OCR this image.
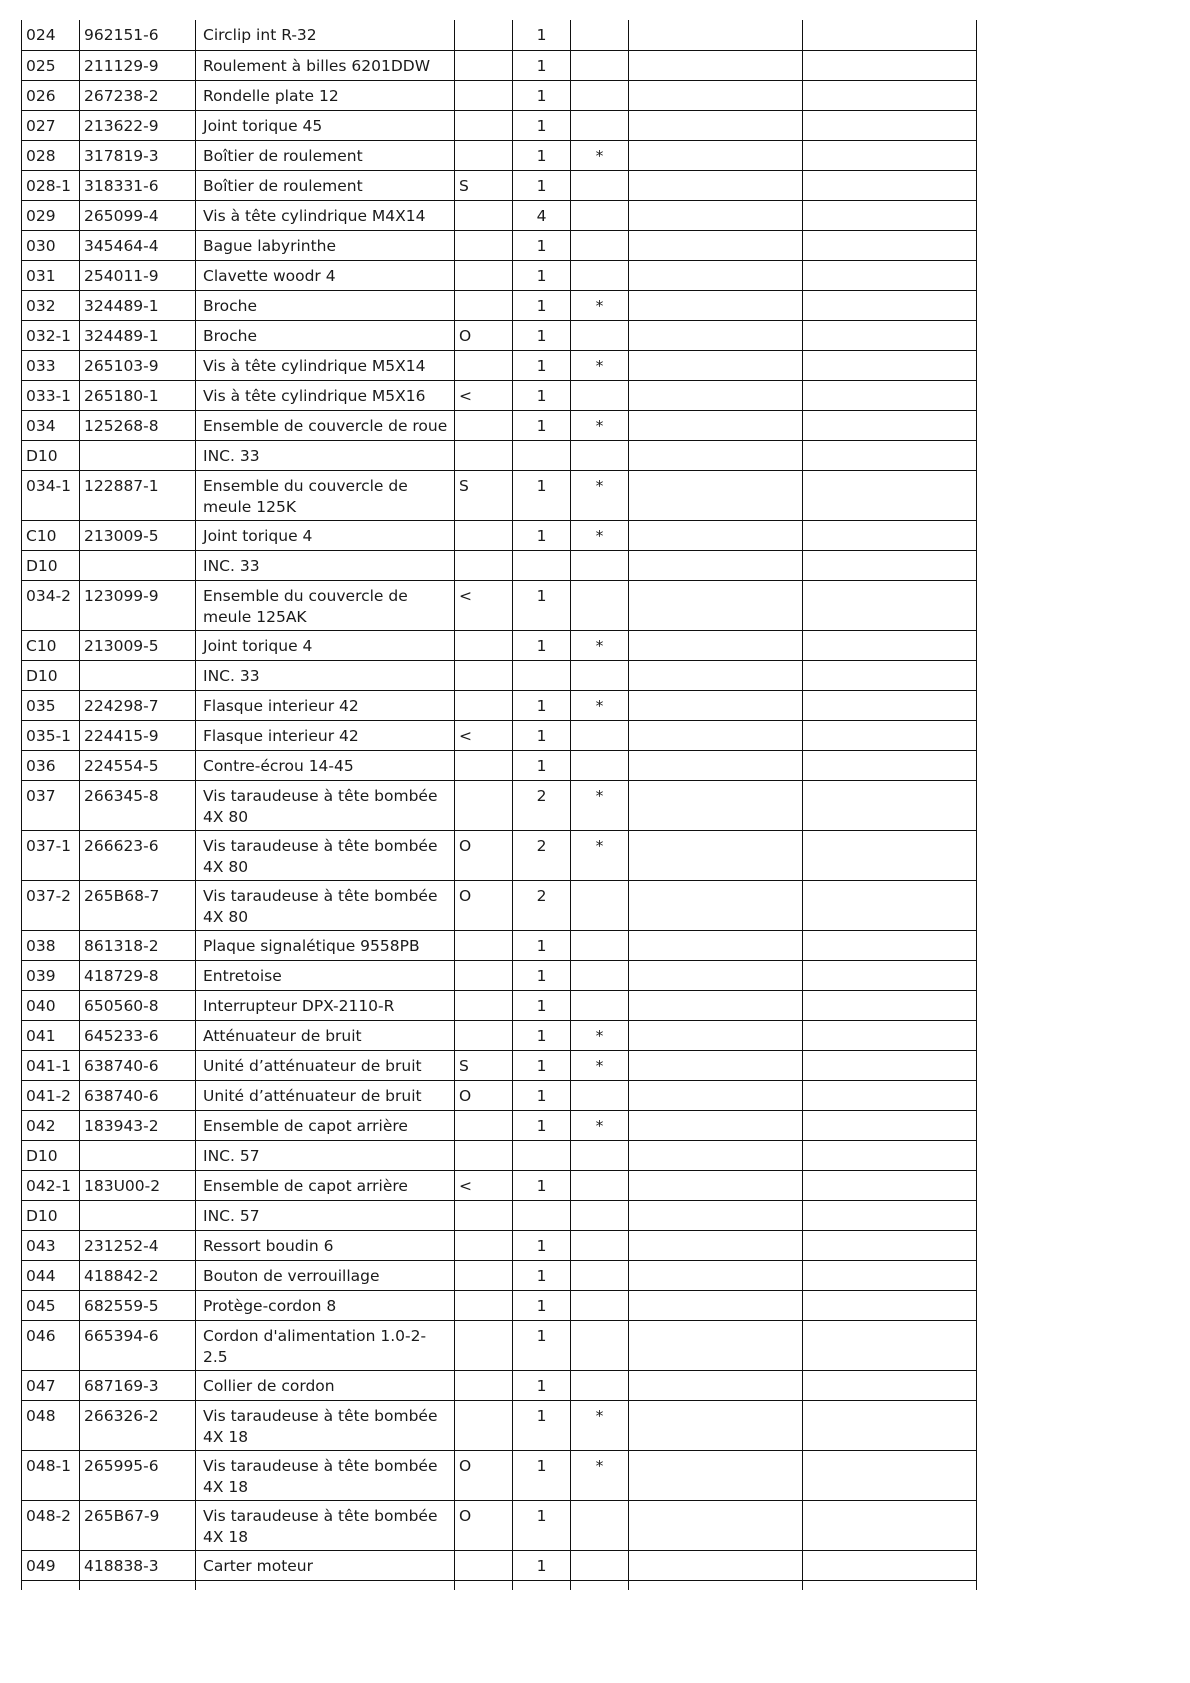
024	962151-6	Circlip int R-32		1			
025	211129-9	Roulement à billes 6201DDW		1			
026	267238-2	Rondelle plate 12		1			
027	213622-9	Joint torique 45		1			
028	317819-3	Boîtier de roulement		1	*		
028-1	318331-6	Boîtier de roulement	S	1			
029	265099-4	Vis à tête cylindrique M4X14		4			
030	345464-4	Bague labyrinthe		1			
031	254011-9	Clavette woodr 4		1			
032	324489-1	Broche		1	*		
032-1	324489-1	Broche	O	1			
033	265103-9	Vis à tête cylindrique M5X14		1	*		
033-1	265180-1	Vis à tête cylindrique M5X16	<	1			
034	125268-8	Ensemble de couvercle de roue		1	*		
D10		INC. 33					
034-1	122887-1	Ensemble du couvercle de meule 125K	S	1	*		
C10	213009-5	Joint torique 4		1	*		
D10		INC. 33					
034-2	123099-9	Ensemble du couvercle de meule 125AK	<	1			
C10	213009-5	Joint torique 4		1	*		
D10		INC. 33					
035	224298-7	Flasque interieur 42		1	*		
035-1	224415-9	Flasque interieur 42	<	1			
036	224554-5	Contre-écrou 14-45		1			
037	266345-8	Vis taraudeuse à tête bombée 4X 80		2	*		
037-1	266623-6	Vis taraudeuse à tête bombée 4X 80	O	2	*		
037-2	265B68-7	Vis taraudeuse à tête bombée 4X 80	O	2			
038	861318-2	Plaque signalétique 9558PB		1			
039	418729-8	Entretoise		1			
040	650560-8	Interrupteur DPX-2110-R		1			
041	645233-6	Atténuateur de bruit		1	*		
041-1	638740-6	Unité d’atténuateur de bruit	S	1	*		
041-2	638740-6	Unité d’atténuateur de bruit	O	1			
042	183943-2	Ensemble de capot arrière		1	*		
D10		INC. 57					
042-1	183U00-2	Ensemble de capot arrière	<	1			
D10		INC. 57					
043	231252-4	Ressort boudin 6		1			
044	418842-2	Bouton de verrouillage		1			
045	682559-5	Protège-cordon 8		1			
046	665394-6	Cordon d'alimentation 1.0-2-2.5		1			
047	687169-3	Collier de cordon		1			
048	266326-2	Vis taraudeuse à tête bombée 4X 18		1	*		
048-1	265995-6	Vis taraudeuse à tête bombée 4X 18	O	1	*		
048-2	265B67-9	Vis taraudeuse à tête bombée 4X 18	O	1			
049	418838-3	Carter moteur		1			
